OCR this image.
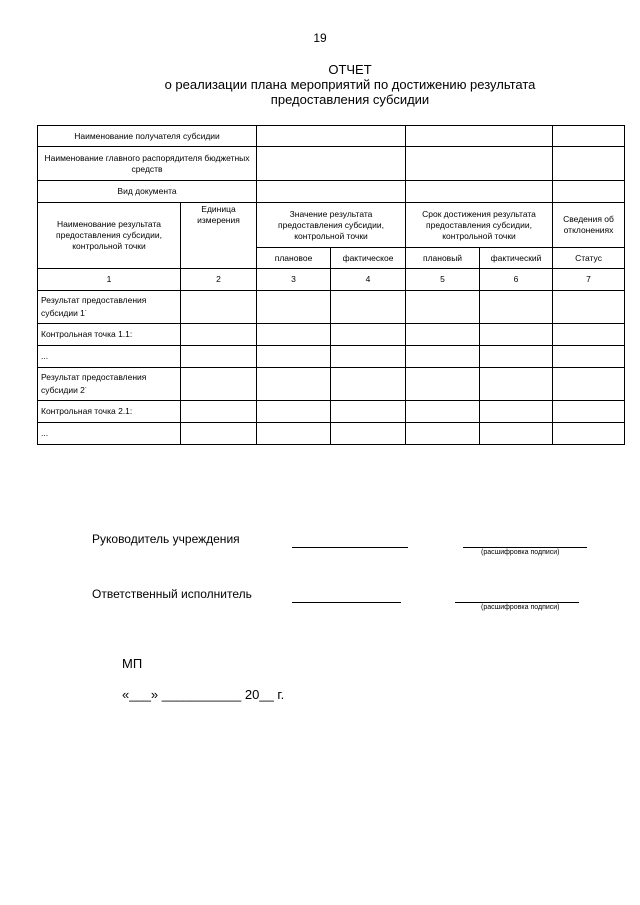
19
ОТЧЕТ
о реализации плана мероприятий по достижению результата
предоставления субсидии
Наименование получателя субсидии						
Наименование главного распорядителя бюджетных средств						
Вид документа						
Наименование результата предоставления субсидии, контрольной точки	Единица измерения	Значение результата предоставления субсидии, контрольной точки		Срок достижения результата предоставления субсидии, контрольной точки		Сведения об отклонениях
		плановое	фактическое	плановый	фактический	Статус
1	2	3	4	5	6	7
Результат предоставления субсидии 1-						
Контрольная точка 1.1:						
...						
Результат предоставления субсидии 2-						
Контрольная точка 2.1:						
...						
Руководитель учреждения
(расшифровка подписи)
Ответственный исполнитель
(расшифровка подписи)
МП
«___» ___________ 20__ г.
